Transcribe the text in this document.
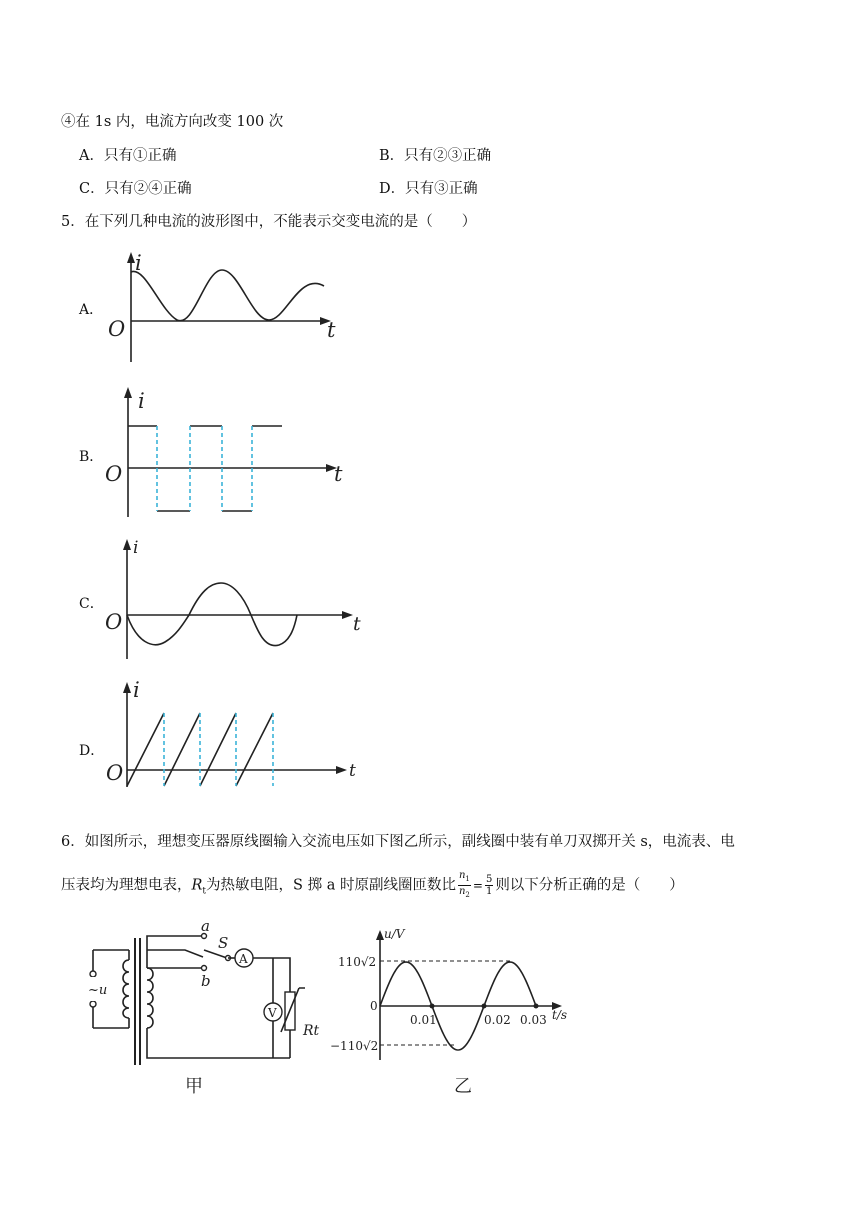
④在 1s 内，电流方向改变 100 次
A．只有①正确	B．只有②③正确
C．只有②④正确	D．只有③正确
5．在下列几种电流的波形图中，不能表示交变电流的是（　　）
A．
B．
C．
D．
i
t
O
i
t
O
i
t
O
i
t
O
6．如图所示，理想变压器原线圈输入交流电压如下图乙所示，副线圈中装有单刀双掷开关 s，电流表、电
压表均为理想电表，$R_t$为热敏电阻，S 掷 a 时原副线圈匝数比 $\frac{n_1}{n_2} = \frac{5}{1}$ 则以下分析正确的是（　　）
~u
a
b
S
A
V
Rt
甲
u/V
t/s
110√2
−110√2
0
0.01	0.02 0.03
乙
